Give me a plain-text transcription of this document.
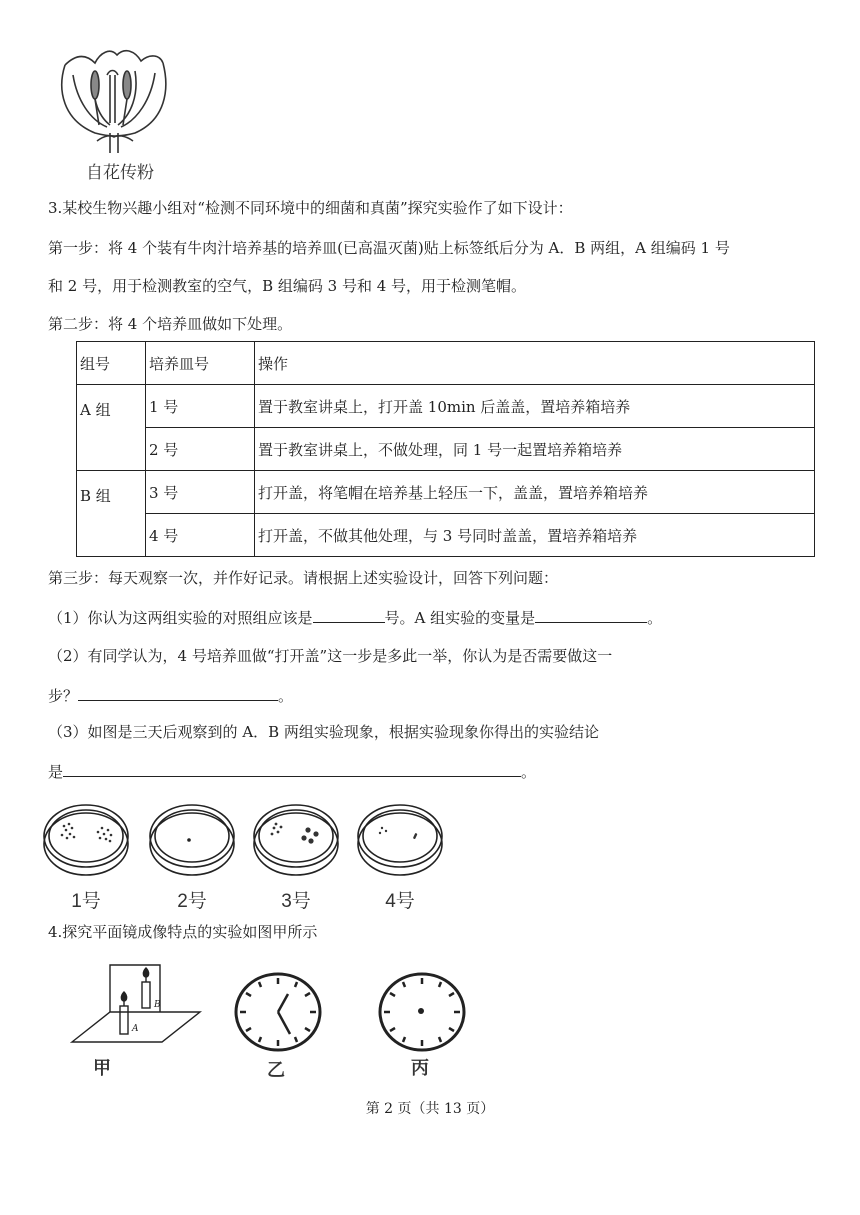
自花传粉
3.某校生物兴趣小组对“检测不同环境中的细菌和真菌”探究实验作了如下设计：
第一步：将 4 个装有牛肉汁培养基的培养皿(已高温灭菌)贴上标签纸后分为 A．B 两组，A 组编码 1 号
和 2 号，用于检测教室的空气，B 组编码 3 号和 4 号，用于检测笔帽。
第二步：将 4 个培养皿做如下处理。
组号	培养皿号	操作
A 组	1 号	置于教室讲桌上，打开盖 10min 后盖盖，置培养箱培养
	2 号	置于教室讲桌上，不做处理，同 1 号一起置培养箱培养
B 组	3 号	打开盖，将笔帽在培养基上轻压一下，盖盖，置培养箱培养
	4 号	打开盖，不做其他处理，与 3 号同时盖盖，置培养箱培养
第三步：每天观察一次，并作好记录。请根据上述实验设计，回答下列问题：
（1）你认为这两组实验的对照组应该是	号。A 组实验的变量是	。
（2）有同学认为，4 号培养皿做“打开盖”这一步是多此一举，你认为是否需要做这一
步？	。
（3）如图是三天后观察到的 A．B 两组实验现象，根据实验现象你得出的实验结论
是	。
1号	2号	3号	4号
4.探究平面镜成像特点的实验如图甲所示
A
B
甲	乙	丙
第 2 页（共 13 页）
